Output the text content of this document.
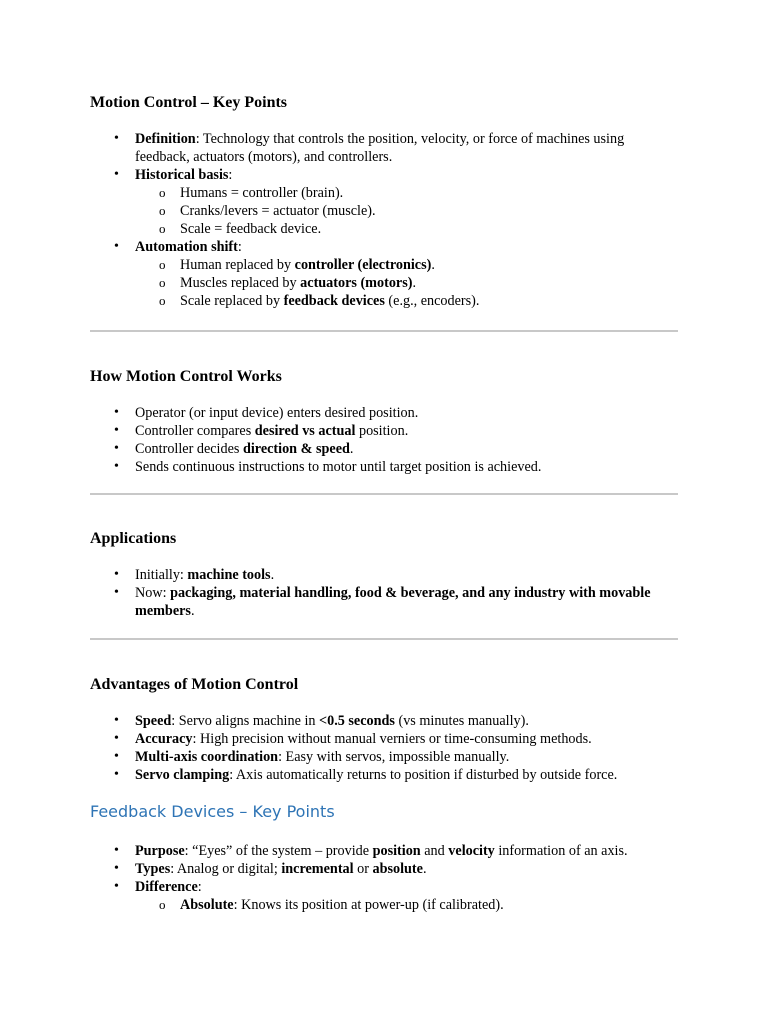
Motion Control – Key Points
• Definition: Technology that controls the position, velocity, or force of machines using feedback, actuators (motors), and controllers.
• Historical basis:
o Humans = controller (brain).
o Cranks/levers = actuator (muscle).
o Scale = feedback device.
• Automation shift:
o Human replaced by controller (electronics).
o Muscles replaced by actuators (motors).
o Scale replaced by feedback devices (e.g., encoders).
How Motion Control Works
• Operator (or input device) enters desired position.
• Controller compares desired vs actual position.
• Controller decides direction & speed.
• Sends continuous instructions to motor until target position is achieved.
Applications
• Initially: machine tools.
• Now: packaging, material handling, food & beverage, and any industry with movable members.
Advantages of Motion Control
• Speed: Servo aligns machine in <0.5 seconds (vs minutes manually).
• Accuracy: High precision without manual verniers or time-consuming methods.
• Multi-axis coordination: Easy with servos, impossible manually.
• Servo clamping: Axis automatically returns to position if disturbed by outside force.
Feedback Devices – Key Points
• Purpose: “Eyes” of the system – provide position and velocity information of an axis.
• Types: Analog or digital; incremental or absolute.
• Difference:
o Absolute: Knows its position at power-up (if calibrated).
